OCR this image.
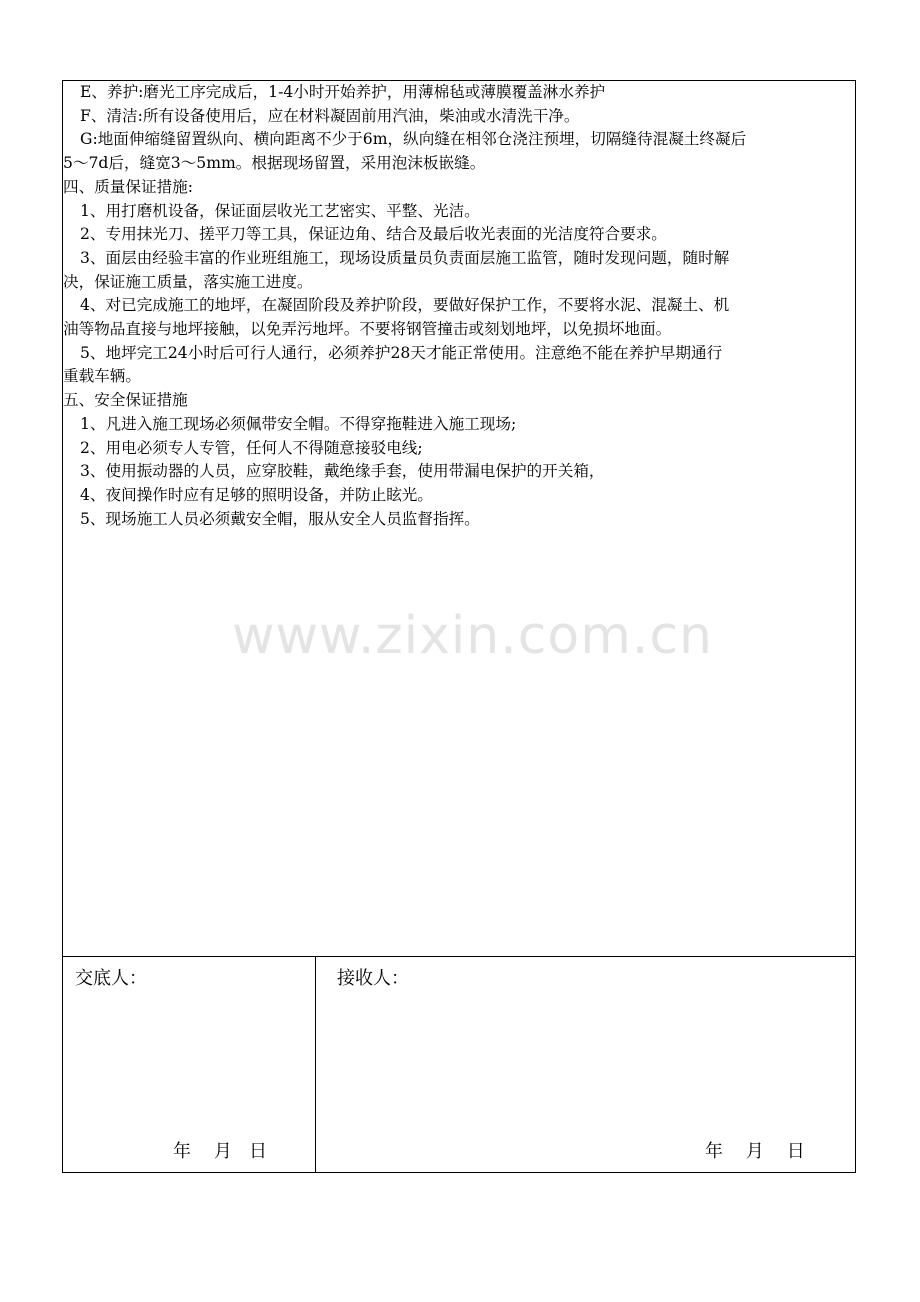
E、养护:磨光工序完成后，1-4小时开始养护，用薄棉毡或薄膜覆盖淋水养护
F、清洁:所有设备使用后，应在材料凝固前用汽油，柴油或水清洗干净。
G:地面伸缩缝留置纵向、横向距离不少于6m，纵向缝在相邻仓浇注预埋，切隔缝待混凝土终凝后
5～7d后，缝宽3～5mm。根据现场留置，采用泡沫板嵌缝。
四、质量保证措施:
1、用打磨机设备，保证面层收光工艺密实、平整、光洁。
2、专用抹光刀、搓平刀等工具，保证边角、结合及最后收光表面的光洁度符合要求。
3、面层由经验丰富的作业班组施工，现场设质量员负责面层施工监管，随时发现问题，随时解
决，保证施工质量，落实施工进度。
4、对已完成施工的地坪，在凝固阶段及养护阶段，要做好保护工作，不要将水泥、混凝土、机
油等物品直接与地坪接触，以免弄污地坪。不要将钢管撞击或刻划地坪，以免损坏地面。
5、地坪完工24小时后可行人通行，必须养护28天才能正常使用。注意绝不能在养护早期通行
重载车辆。
五、安全保证措施
1、凡进入施工现场必须佩带安全帽。不得穿拖鞋进入施工现场;
2、用电必须专人专管，任何人不得随意接驳电线;
3、使用振动器的人员，应穿胶鞋，戴绝缘手套，使用带漏电保护的开关箱，
4、夜间操作时应有足够的照明设备，并防止眩光。
5、现场施工人员必须戴安全帽，服从安全人员监督指挥。
交底人：	接收人：
年    月   日	年    月    日
www.zixin.com.cn
